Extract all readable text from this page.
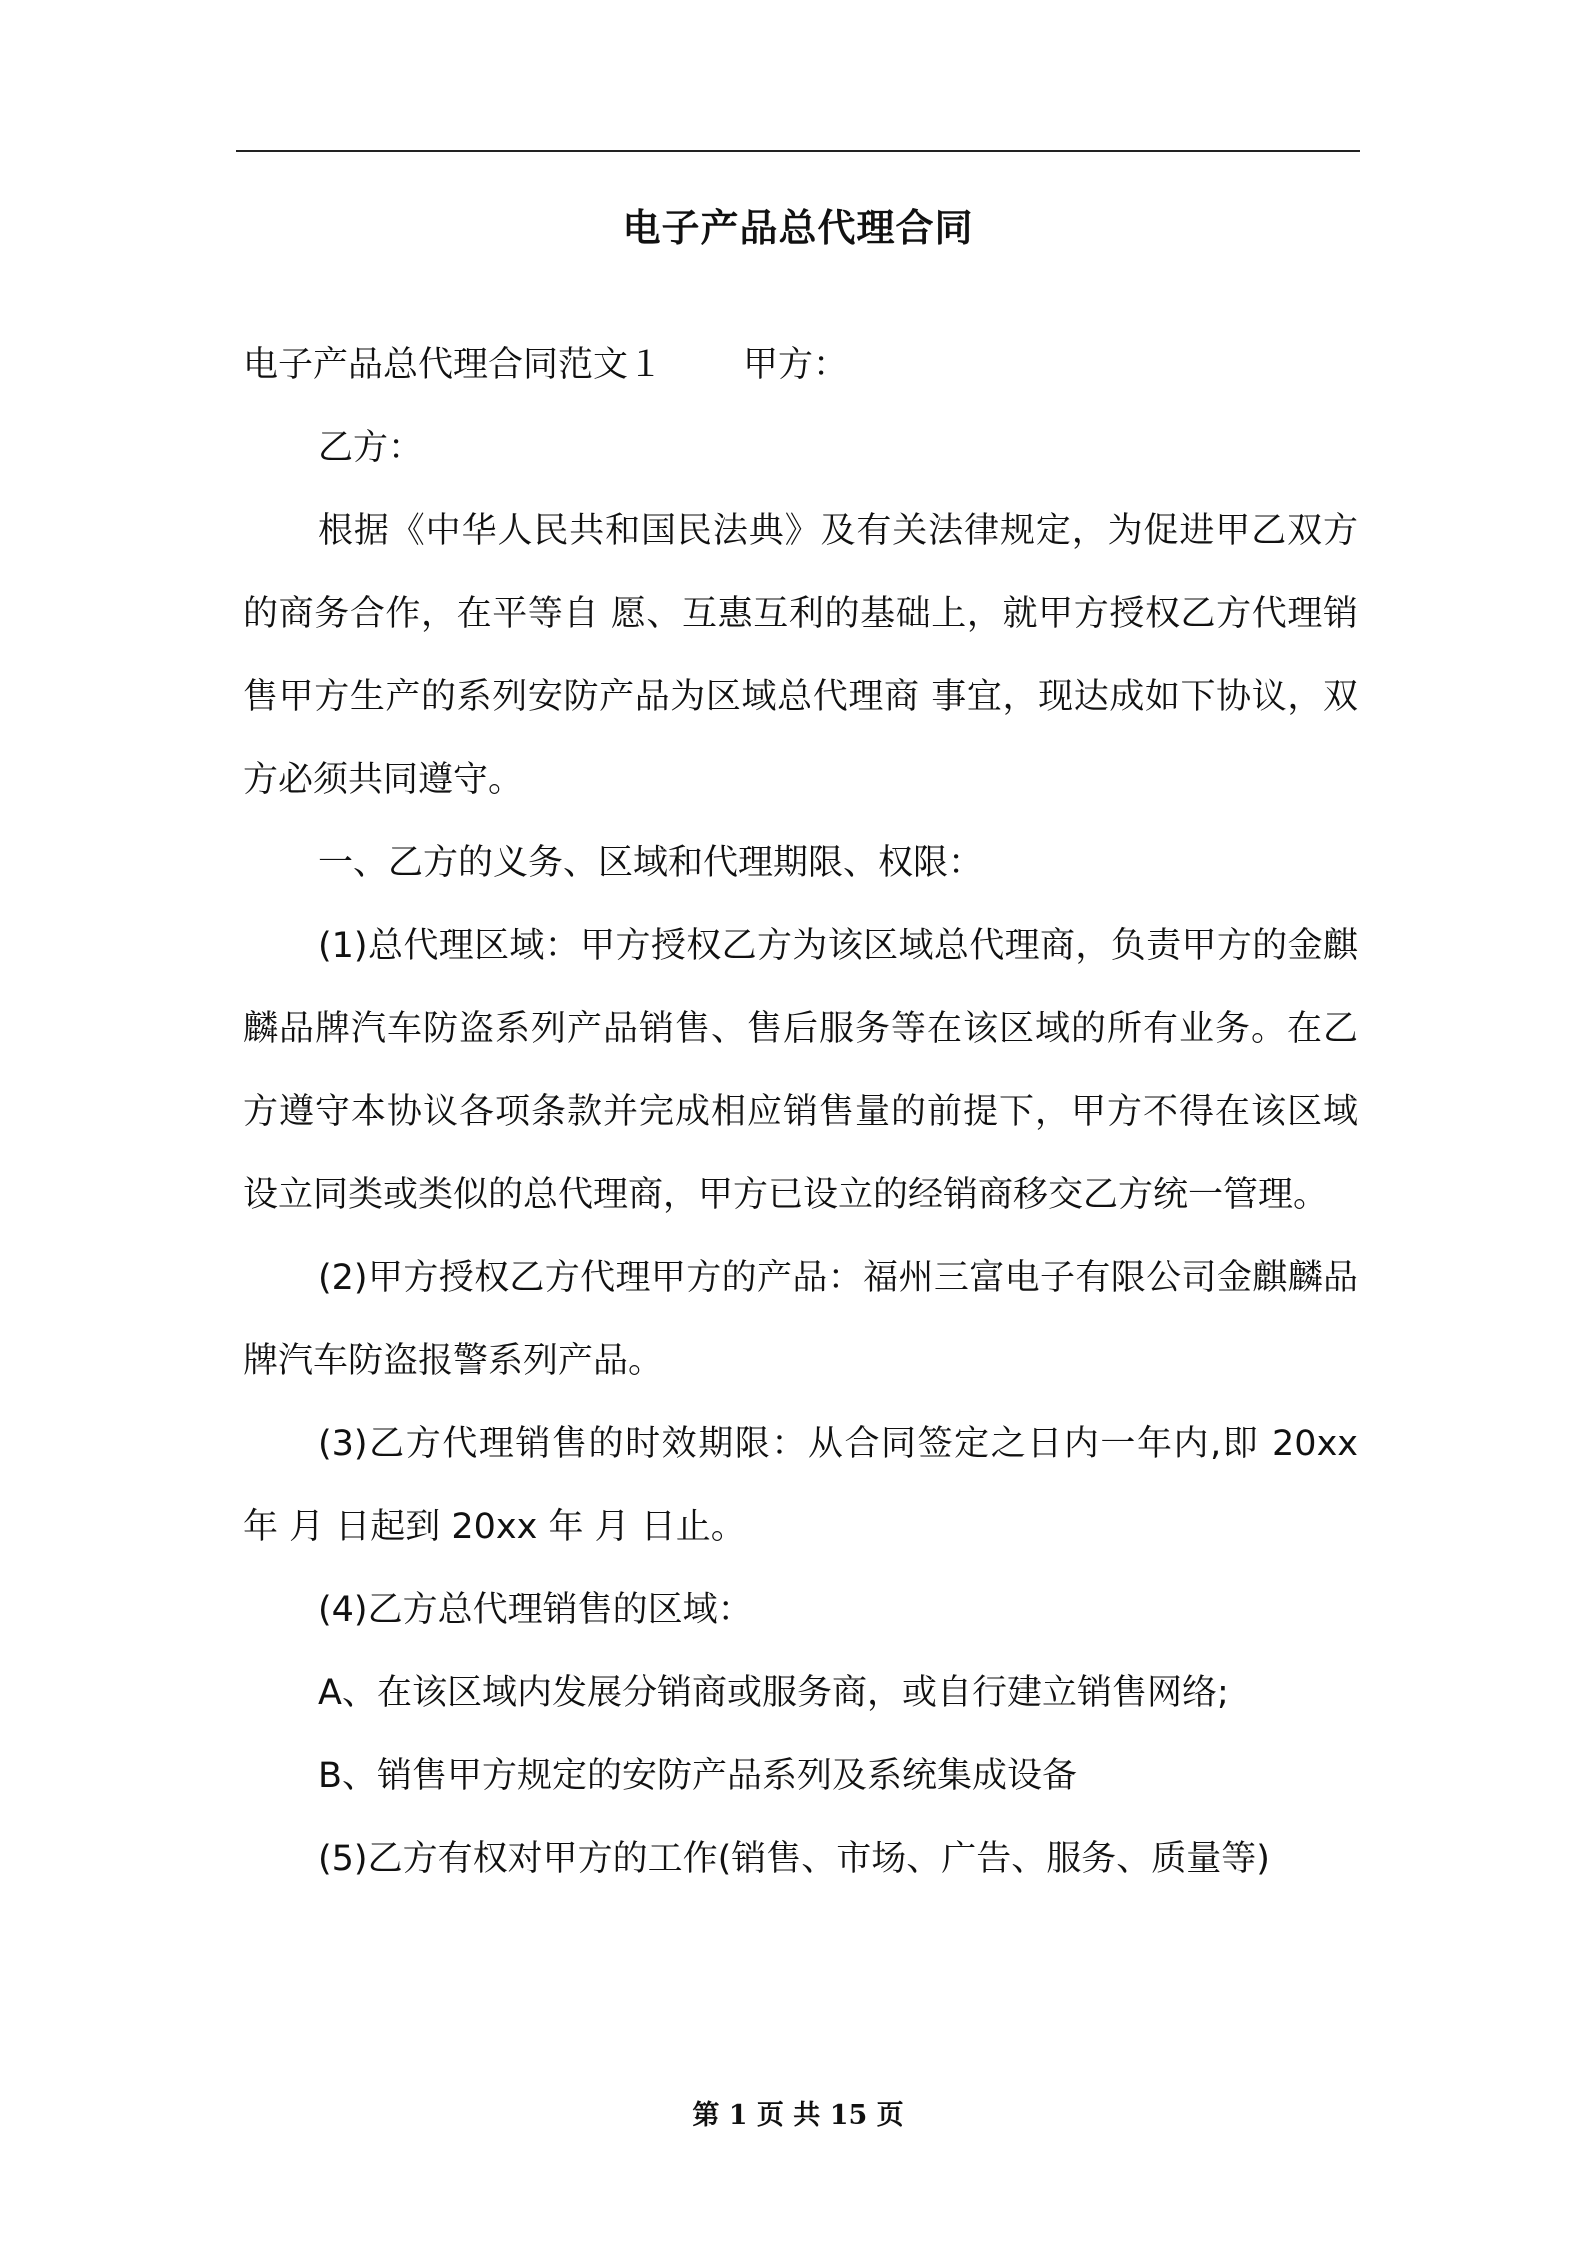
电子产品总代理合同

电子产品总代理合同范文１ 甲方：

乙方：

根据《中华人民共和国民法典》及有关法律规定，为促进甲乙双方的商务合作，在平等自 愿、互惠互利的基础上，就甲方授权乙方代理销售甲方生产的系列安防产品为区域总代理商 事宜，现达成如下协议，双方必须共同遵守。

一、乙方的义务、区域和代理期限、权限：

(1)总代理区域：甲方授权乙方为该区域总代理商，负责甲方的金麒麟品牌汽车防盗系列产品销售、售后服务等在该区域的所有业务。在乙方遵守本协议各项条款并完成相应销售量的前提下，甲方不得在该区域设立同类或类似的总代理商，甲方已设立的经销商移交乙方统一管理。

(2)甲方授权乙方代理甲方的产品：福州三富电子有限公司金麒麟品牌汽车防盗报警系列产品。

(3)乙方代理销售的时效期限：从合同签定之日内一年内,即 20xx 年 月 日起到 20xx 年 月 日止。

(4)乙方总代理销售的区域：

A、在该区域内发展分销商或服务商，或自行建立销售网络;

B、销售甲方规定的安防产品系列及系统集成设备

(5)乙方有权对甲方的工作(销售、市场、广告、服务、质量等)

第 1 页 共 15 页
